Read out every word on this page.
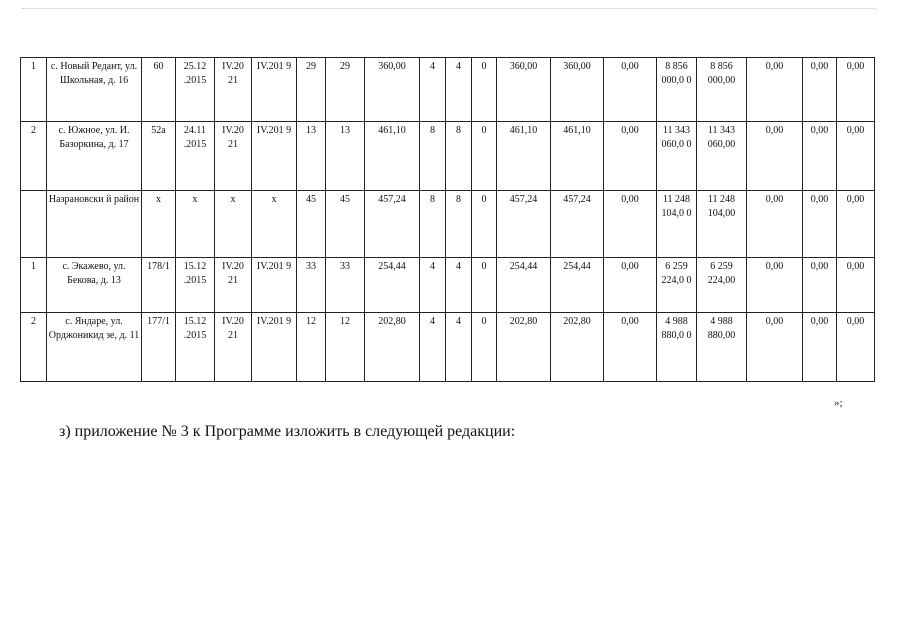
1	с. Новый Редант, ул. Школьная, д. 16	60	25.12 .2015	IV.20 21	IV.201 9	29	29	360,00	4	4	0	360,00	360,00	0,00	8 856 000,0 0	8 856 000,00	0,00	0,00	0,00
2	с. Южное, ул. И. Базоркина, д. 17	52а	24.11 .2015	IV.20 21	IV.201 9	13	13	461,10	8	8	0	461,10	461,10	0,00	11 343 060,0 0	11 343 060,00	0,00	0,00	0,00
	Назрановски й район	х	х	х	х	45	45	457,24	8	8	0	457,24	457,24	0,00	11 248 104,0 0	11 248 104,00	0,00	0,00	0,00
1	с. Экажево, ул. Бекова, д. 13	178/1	15.12 .2015	IV.20 21	IV.201 9	33	33	254,44	4	4	0	254,44	254,44	0,00	6 259 224,0 0	6 259 224,00	0,00	0,00	0,00
2	с. Яндаре, ул. Орджоникид зе, д. 11	177/1	15.12 .2015	IV.20 21	IV.201 9	12	12	202,80	4	4	0	202,80	202,80	0,00	4 988 880,0 0	4 988 880,00	0,00	0,00	0,00
»;
з) приложение № 3 к Программе изложить в следующей редакции:
